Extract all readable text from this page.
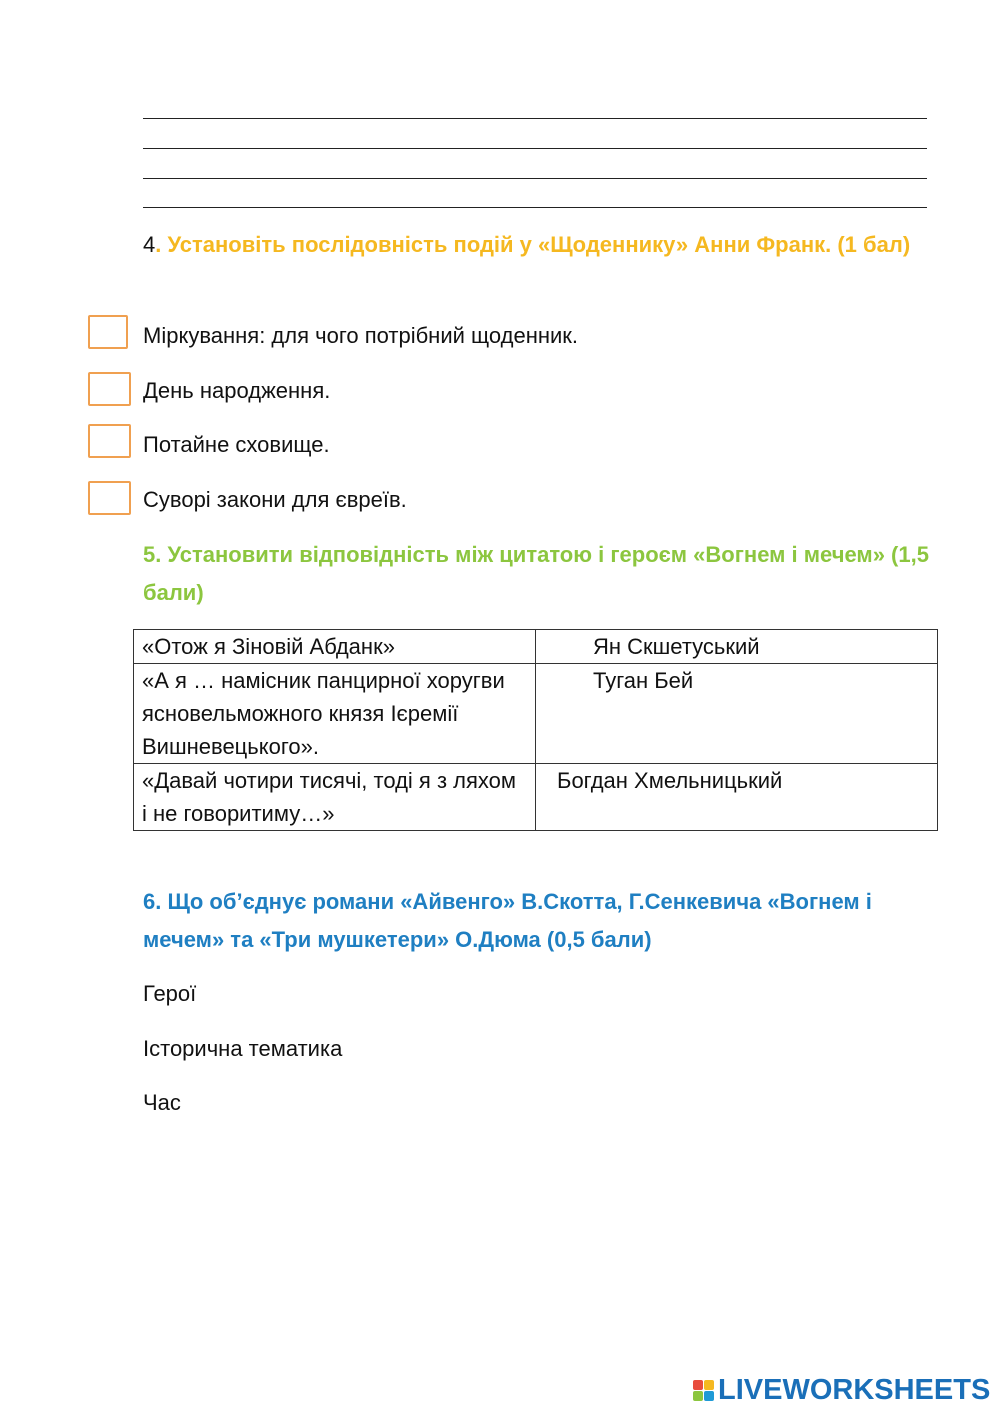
4. Установіть послідовність подій у «Щоденнику» Анни Франк. (1 бал)
Міркування: для чого потрібний щоденник.
День народження.
Потайне сховище.
Суворі закони для євреїв.
5. Установити відповідність між цитатою і героєм «Вогнем і мечем» (1,5 бали)
«Отож я Зіновій Абданк»	Ян Скшетуський
«А я … намісник панцирної хоругви ясновельможного князя Ієремії Вишневецького».	Туган Бей
«Давай чотири тисячі, тоді я з ляхом і не говоритиму…»	Богдан Хмельницький
6. Що об’єднує романи «Айвенго» В.Скотта, Г.Сенкевича «Вогнем і мечем» та «Три мушкетери» О.Дюма (0,5 бали)
Герої
Історична тематика
Час
LIVEWORKSHEETS
